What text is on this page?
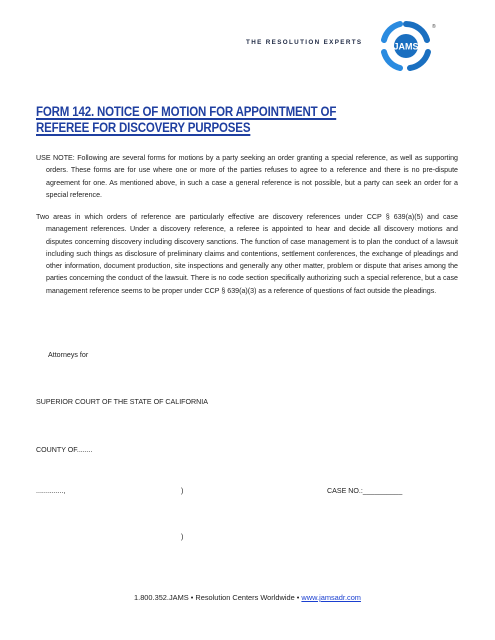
THE RESOLUTION EXPERTS	JAMS
®
FORM 142. NOTICE OF MOTION FOR APPOINTMENT OF
REFEREE FOR DISCOVERY PURPOSES

USE NOTE: Following are several forms for motions by a party seeking an order granting a special reference, as well as supporting orders. These forms are for use where one or more of the parties refuses to agree to a reference and there is no pre-dispute agreement for one. As mentioned above, in such a case a general reference is not possible, but a party can seek an order for a special reference.

Two areas in which orders of reference are particularly effective are discovery references under CCP § 639(a)(5) and case management references. Under a discovery reference, a referee is appointed to hear and decide all discovery motions and disputes concerning discovery including discovery sanctions. The function of case management is to plan the conduct of a lawsuit including such things as disclosure of preliminary claims and contentions, settlement conferences, the exchange of pleadings and other information, document production, site inspections and generally any other matter, problem or dispute that arises among the parties concerning the conduct of the lawsuit. There is no code section specifically authorizing such a special reference, but a case management reference seems to be proper under CCP § 639(a)(3) as a reference of questions of fact outside the pleadings.

Attorneys for
SUPERIOR COURT OF THE STATE OF CALIFORNIA
COUNTY OF........
..............,	)	CASE NO.:__________
)
1.800.352.JAMS • Resolution Centers Worldwide • www.jamsadr.com
